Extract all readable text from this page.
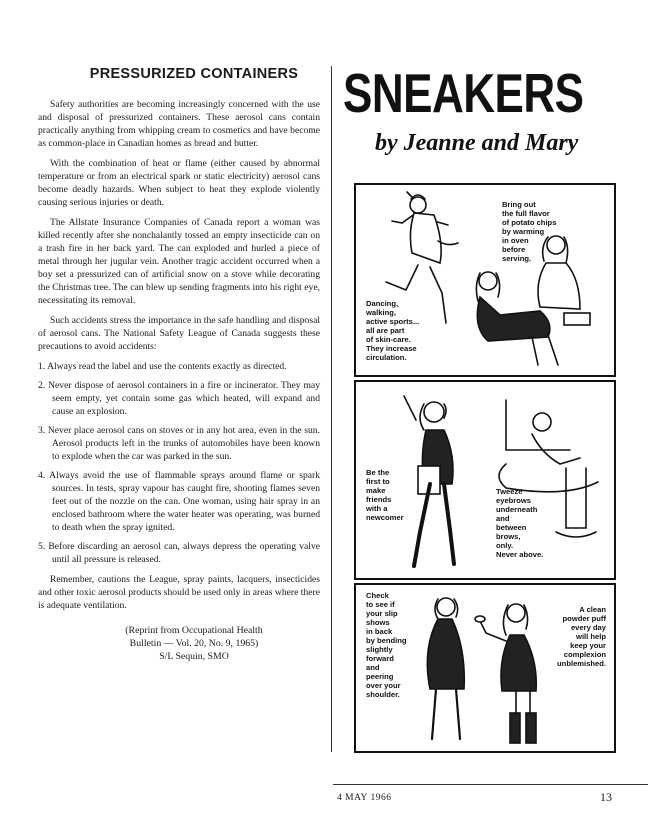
PRESSURIZED CONTAINERS

Safety authorities are becoming increasingly concerned with the use and disposal of pressurized containers. These aerosol cans contain practically anything from whipping cream to cosmetics and have become as common-place in Canadian homes as bread and butter.

With the combination of heat or flame (either caused by abnormal temperature or from an electrical spark or static electricity) aerosol cans become deadly hazards. When subject to heat they explode violently causing serious injuries or death.

The Allstate Insurance Companies of Canada report a woman was killed recently after she nonchalantly tossed an empty insecticide can on a trash fire in her back yard. The can exploded and hurled a piece of metal through her jugular vein. Another tragic accident occurred when a boy set a pressurized can of artificial snow on a stove while decorating the Christmas tree. The can blew up sending fragments into his right eye, necessitating its removal.

Such accidents stress the importance in the safe handling and disposal of aerosol cans. The National Safety League of Canada suggests these precautions to avoid accidents:

1. Always read the label and use the contents exactly as directed.
2. Never dispose of aerosol containers in a fire or incinerator. They may seem empty, yet contain some gas which heated, will expand and cause an explosion.
3. Never place aerosol cans on stoves or in any hot area, even in the sun. Aerosol products left in the trunks of automobiles have been known to explode when the car was parked in the sun.
4. Always avoid the use of flammable sprays around flame or spark sources. In tests, spray vapour has caught fire, shooting flames seven feet out of the nozzle on the can. One woman, using hair spray in an enclosed bathroom where the water heater was operating, was burned to death when the spray ignited.
5. Before discarding an aerosol can, always depress the operating valve until all pressure is released.

Remember, cautions the League, spray paints, lacquers, insecticides and other toxic aerosol products should be used only in areas where there is adequate ventilation.

(Reprint from Occupational Health
Bulletin — Vol. 20, No. 9, 1965)
S/L Sequin, SMO
SNEAKERS
by Jeanne and Mary
Bring out
the full flavor
of potato chips
by warming
in oven
before
serving.
Dancing,
walking,
active sports...
all are part
of skin-care.
They increase
circulation.
Be the
first to
make
friends
with a
newcomer
Tweeze
eyebrows
underneath
and
between
brows,
only.
Never above.
Check
to see if
your slip
shows
in back
by bending
slightly
forward
and
peering
over your
shoulder.
A clean
powder puff
every day
will help
keep your
complexion
unblemished.
4 MAY 1966	13
